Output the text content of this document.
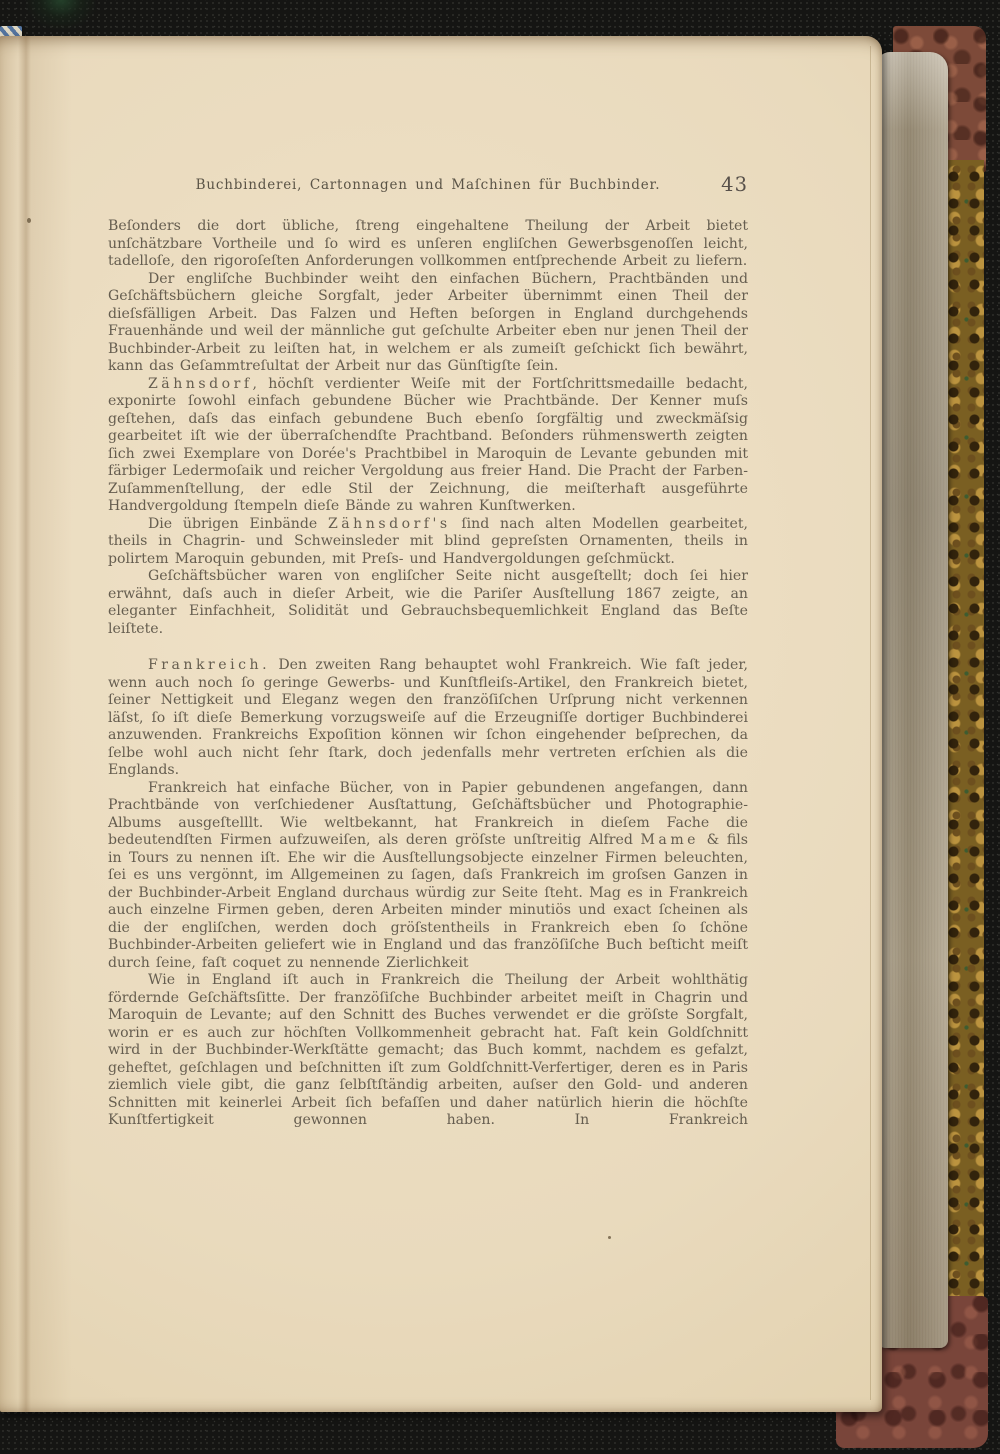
Buchbinderei, Cartonnagen und Maſchinen für Buchbinder.	43

Beſonders die dort übliche, ſtreng eingehaltene Theilung der Arbeit bietet unſchätzbare Vortheile und ſo wird es unſeren engliſchen Gewerbsgenoſſen leicht, tadelloſe, den rigoroſeſten Anforderungen vollkommen entſprechende Arbeit zu liefern.

Der engliſche Buchbinder weiht den einfachen Büchern, Prachtbänden und Geſchäftsbüchern gleiche Sorgfalt, jeder Arbeiter übernimmt einen Theil der dieſsfälligen Arbeit. Das Falzen und Heften beſorgen in England durchgehends Frauenhände und weil der männliche gut geſchulte Arbeiter eben nur jenen Theil der Buchbinder-Arbeit zu leiſten hat, in welchem er als zumeiſt geſchickt ſich bewährt, kann das Geſammtreſultat der Arbeit nur das Günſtigſte ſein.

Zähnsdorf, höchſt verdienter Weiſe mit der Fortſchrittsmedaille bedacht, exponirte ſowohl einfach gebundene Bücher wie Prachtbände. Der Kenner muſs geſtehen, daſs das einfach gebundene Buch ebenſo ſorgfältig und zweckmäſsig gearbeitet iſt wie der überraſchendſte Prachtband. Beſonders rühmenswerth zeigten ſich zwei Exemplare von Dorée's Prachtbibel in Maroquin de Levante gebunden mit färbiger Ledermoſaik und reicher Vergoldung aus freier Hand. Die Pracht der Farben-Zuſammenſtellung, der edle Stil der Zeichnung, die meiſterhaft ausgeführte Handvergoldung ſtempeln dieſe Bände zu wahren Kunſtwerken.

Die übrigen Einbände Zähnsdorf's ſind nach alten Modellen gearbeitet, theils in Chagrin- und Schweinsleder mit blind gepreſsten Ornamenten, theils in polirtem Maroquin gebunden, mit Preſs- und Handvergoldungen geſchmückt.

Geſchäftsbücher waren von engliſcher Seite nicht ausgeſtellt; doch ſei hier erwähnt, daſs auch in dieſer Arbeit, wie die Pariſer Ausſtellung 1867 zeigte, an eleganter Einfachheit, Solidität und Gebrauchsbequemlichkeit England das Beſte leiſtete.

Frankreich. Den zweiten Rang behauptet wohl Frankreich. Wie faſt jeder, wenn auch noch ſo geringe Gewerbs- und Kunſtfleiſs-Artikel, den Frankreich bietet, ſeiner Nettigkeit und Eleganz wegen den franzöſiſchen Urſprung nicht verkennen läſst, ſo iſt dieſe Bemerkung vorzugsweiſe auf die Erzeugniſſe dortiger Buchbinderei anzuwenden. Frankreichs Expoſition können wir ſchon eingehender beſprechen, da ſelbe wohl auch nicht ſehr ſtark, doch jedenfalls mehr vertreten erſchien als die Englands.

Frankreich hat einfache Bücher, von in Papier gebundenen angefangen, dann Prachtbände von verſchiedener Ausſtattung, Geſchäftsbücher und Photographie-Albums ausgeſtelllt. Wie weltbekannt, hat Frankreich in dieſem Fache die bedeutendſten Firmen aufzuweiſen, als deren gröſste unſtreitig Alfred Mame & fils in Tours zu nennen iſt. Ehe wir die Ausſtellungsobjecte einzelner Firmen beleuchten, ſei es uns vergönnt, im Allgemeinen zu ſagen, daſs Frankreich im groſsen Ganzen in der Buchbinder-Arbeit England durchaus würdig zur Seite ſteht. Mag es in Frankreich auch einzelne Firmen geben, deren Arbeiten minder minutiös und exact ſcheinen als die der engliſchen, werden doch gröſstentheils in Frankreich eben ſo ſchöne Buchbinder-Arbeiten geliefert wie in England und das franzöſiſche Buch beſticht meiſt durch ſeine, faſt coquet zu nennende Zierlichkeit

Wie in England iſt auch in Frankreich die Theilung der Arbeit wohlthätig fördernde Geſchäftsſitte. Der franzöſiſche Buchbinder arbeitet meiſt in Chagrin und Maroquin de Levante; auf den Schnitt des Buches verwendet er die gröſste Sorgfalt, worin er es auch zur höchſten Vollkommenheit gebracht hat. Faſt kein Goldſchnitt wird in der Buchbinder-Werkſtätte gemacht; das Buch kommt, nachdem es gefalzt, geheftet, geſchlagen und beſchnitten iſt zum Goldſchnitt-Verfertiger, deren es in Paris ziemlich viele gibt, die ganz ſelbſtſtändig arbeiten, auſser den Gold- und anderen Schnitten mit keinerlei Arbeit ſich befaſſen und daher natürlich hierin die höchſte Kunſtfertigkeit gewonnen haben. In Frankreich
